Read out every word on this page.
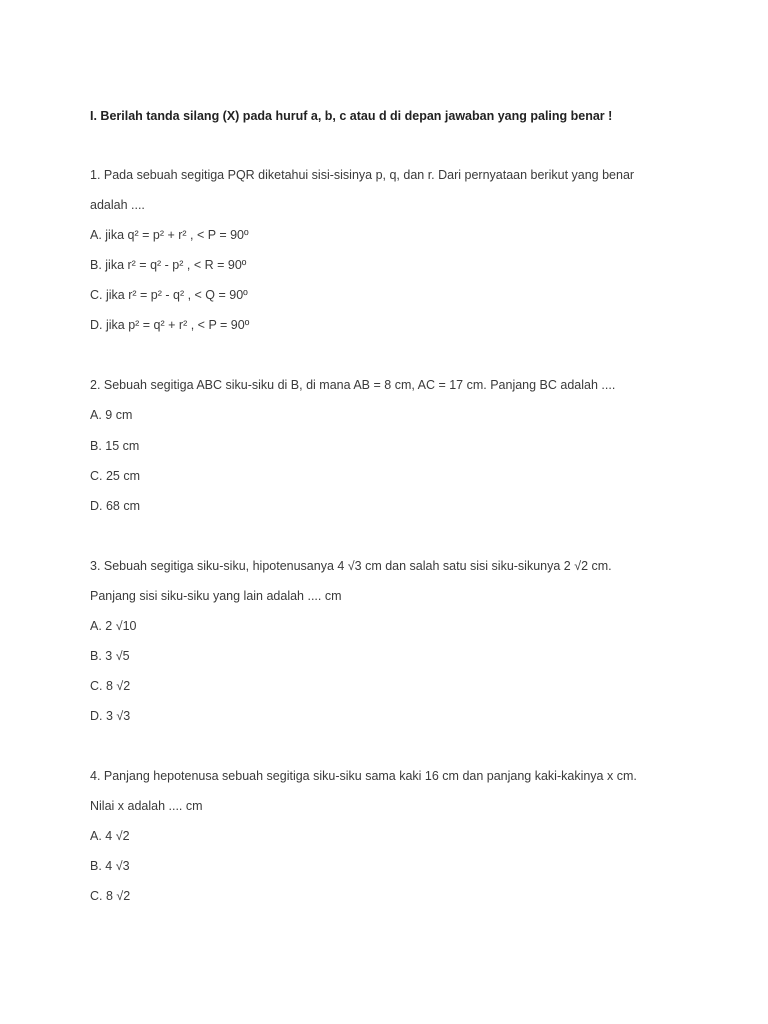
I. Berilah tanda silang (X) pada huruf a, b, c atau d di depan jawaban yang paling benar !
1. Pada sebuah segitiga PQR diketahui sisi-sisinya p, q, dan r. Dari pernyataan berikut yang benar
adalah ....
A. jika q² = p² + r² , < P = 90º
B. jika r² = q² - p² , < R = 90º
C. jika r² = p² - q² , < Q = 90º
D. jika p² = q² + r² , < P = 90º
2. Sebuah segitiga ABC siku-siku di B, di mana AB = 8 cm, AC = 17 cm. Panjang BC adalah ....
A. 9 cm
B. 15 cm
C. 25 cm
D. 68 cm
3. Sebuah segitiga siku-siku, hipotenusanya 4 √3 cm dan salah satu sisi siku-sikunya 2 √2 cm.
Panjang sisi siku-siku yang lain adalah .... cm
A. 2 √10
B. 3 √5
C. 8 √2
D. 3 √3
4. Panjang hepotenusa sebuah segitiga siku-siku sama kaki 16 cm dan panjang kaki-kakinya x cm.
Nilai x adalah .... cm
A. 4 √2
B. 4 √3
C. 8 √2
